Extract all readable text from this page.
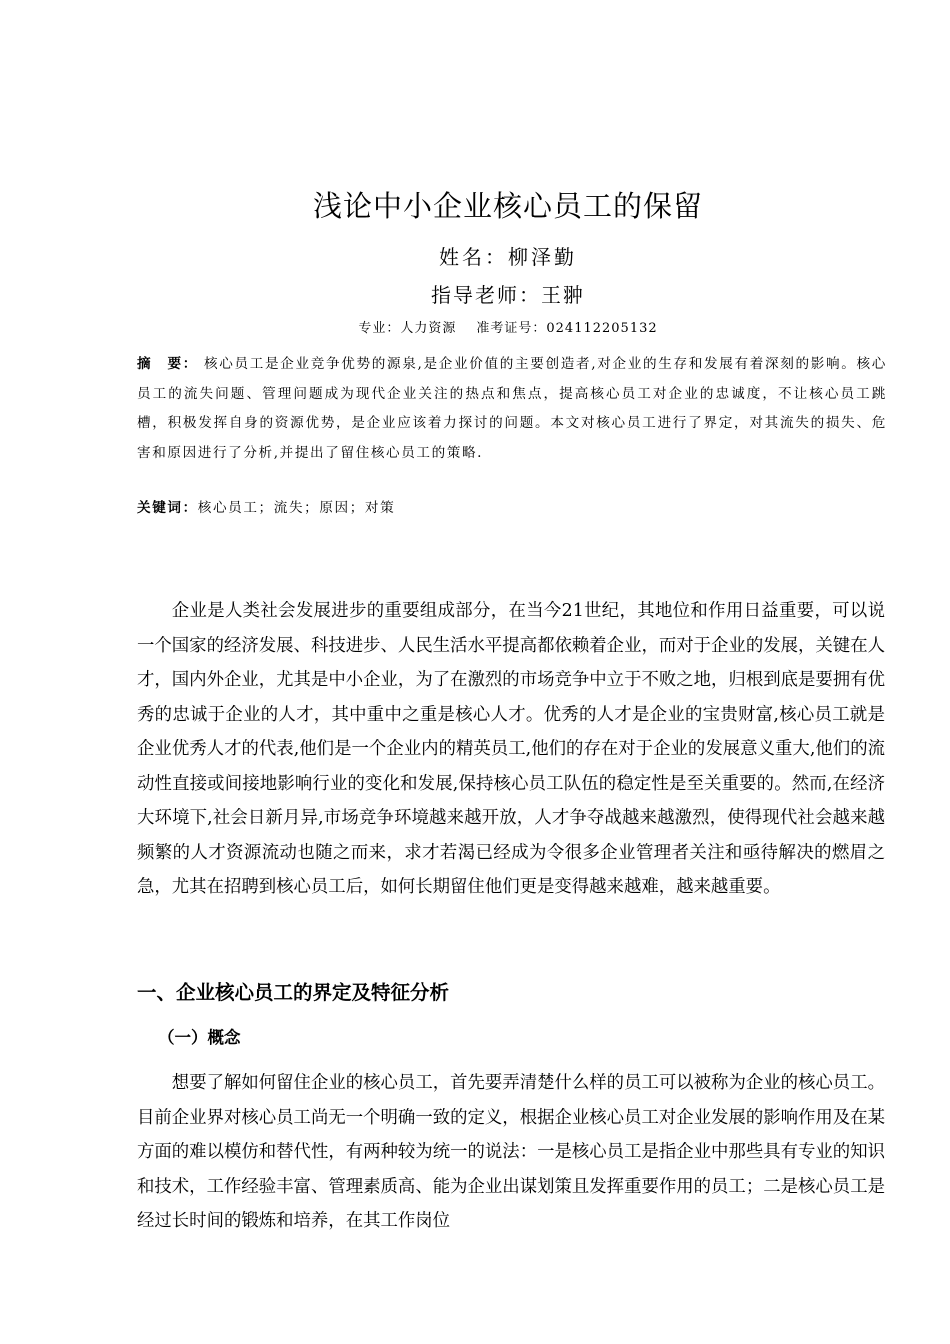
浅论中小企业核心员工的保留
姓名：柳泽勤
指导老师：王翀
专业：人力资源 准考证号：024112205132
摘　要： 核心员工是企业竞争优势的源泉,是企业价值的主要创造者,对企业的生存和发展有着深刻的影响。核心员工的流失问题、管理问题成为现代企业关注的热点和焦点，提高核心员工对企业的忠诚度，不让核心员工跳槽，积极发挥自身的资源优势，是企业应该着力探讨的问题。本文对核心员工进行了界定，对其流失的损失、危害和原因进行了分析,并提出了留住核心员工的策略.
关键词：核心员工；流失；原因；对策

企业是人类社会发展进步的重要组成部分，在当今21世纪，其地位和作用日益重要，可以说一个国家的经济发展、科技进步、人民生活水平提高都依赖着企业，而对于企业的发展，关键在人才，国内外企业，尤其是中小企业，为了在激烈的市场竞争中立于不败之地，归根到底是要拥有优秀的忠诚于企业的人才，其中重中之重是核心人才。优秀的人才是企业的宝贵财富,核心员工就是企业优秀人才的代表,他们是一个企业内的精英员工,他们的存在对于企业的发展意义重大,他们的流动性直接或间接地影响行业的变化和发展,保持核心员工队伍的稳定性是至关重要的。然而,在经济大环境下,社会日新月异,市场竞争环境越来越开放，人才争夺战越来越激烈，使得现代社会越来越频繁的人才资源流动也随之而来，求才若渴已经成为令很多企业管理者关注和亟待解决的燃眉之急，尤其在招聘到核心员工后，如何长期留住他们更是变得越来越难，越来越重要。

一、企业核心员工的界定及特征分析
（一）概念

想要了解如何留住企业的核心员工，首先要弄清楚什么样的员工可以被称为企业的核心员工。目前企业界对核心员工尚无一个明确一致的定义，根据企业核心员工对企业发展的影响作用及在某方面的难以模仿和替代性，有两种较为统一的说法：一是核心员工是指企业中那些具有专业的知识和技术，工作经验丰富、管理素质高、能为企业出谋划策且发挥重要作用的员工；二是核心员工是经过长时间的锻炼和培养，在其工作岗位
